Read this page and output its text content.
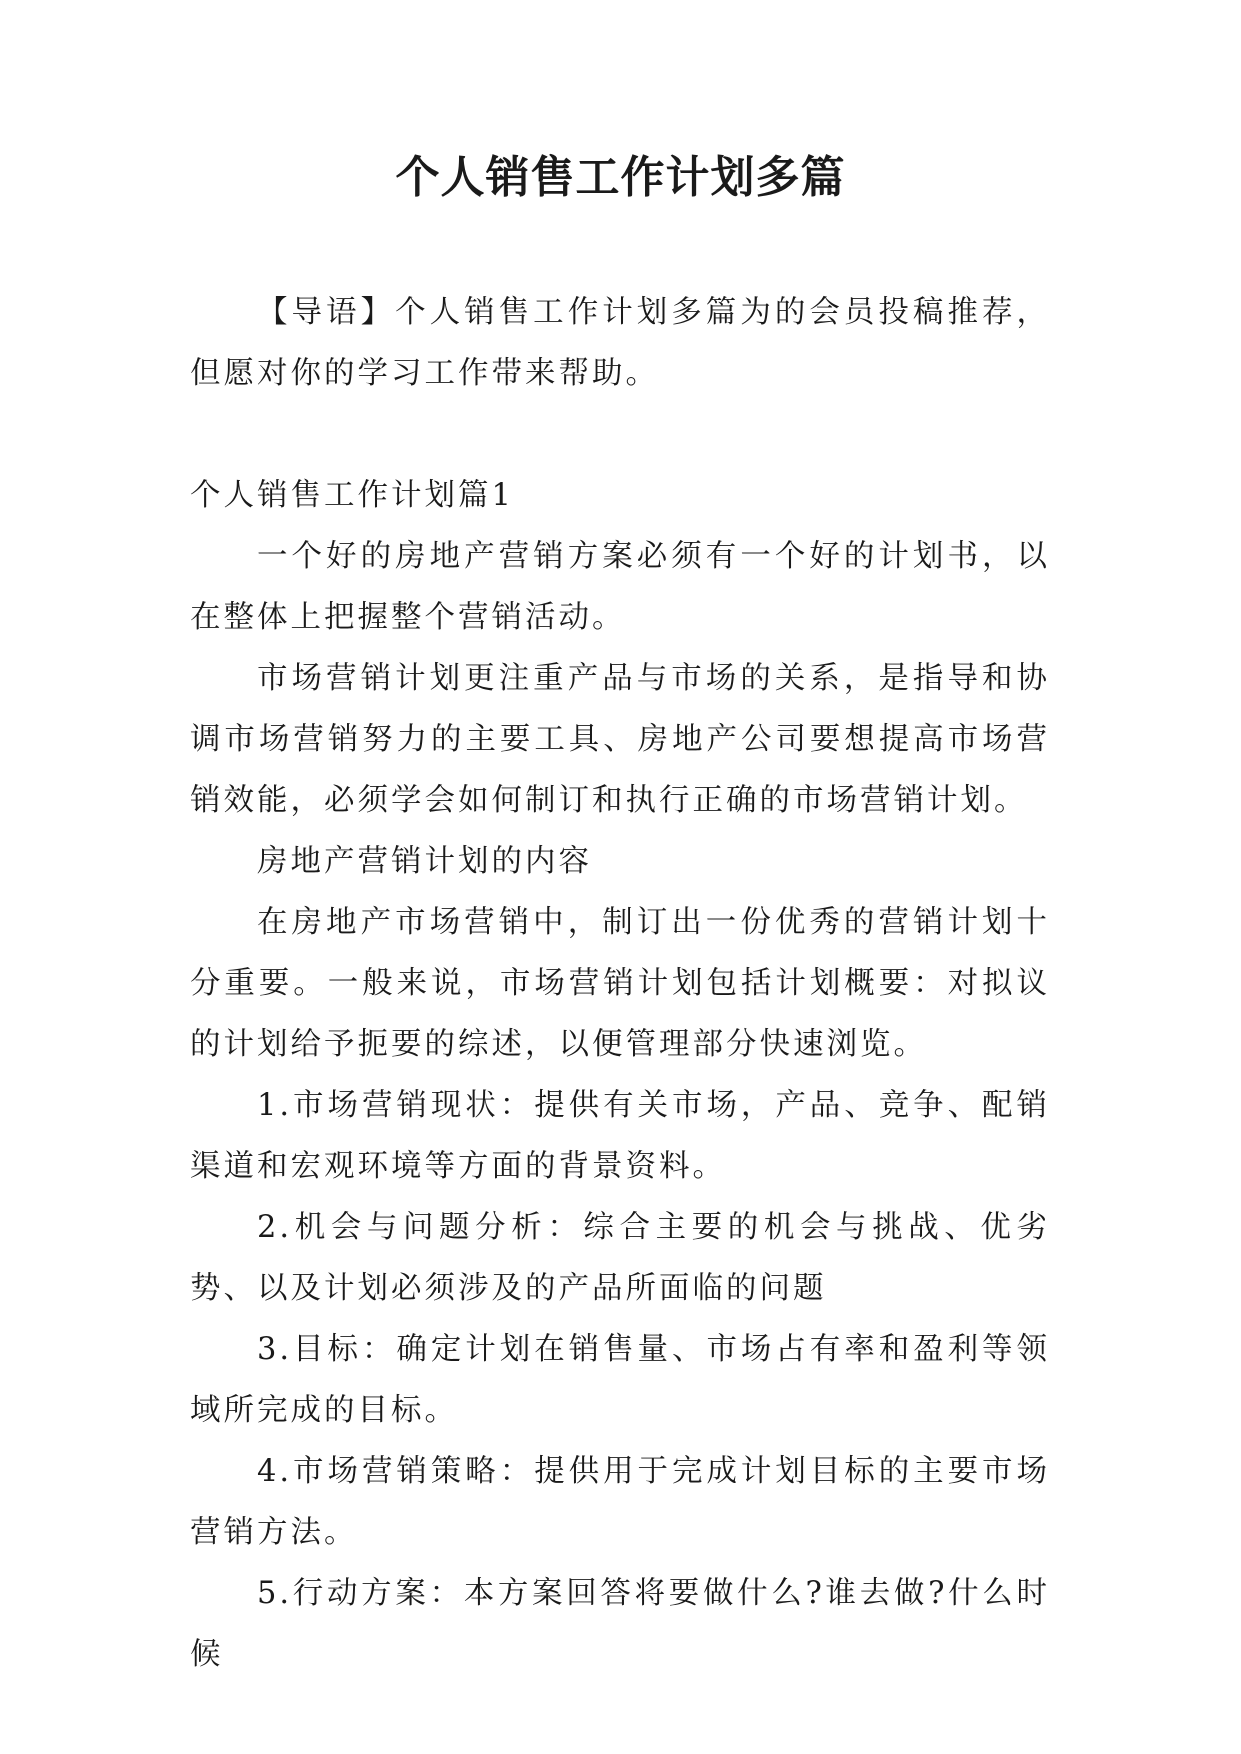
个人销售工作计划多篇

【导语】个人销售工作计划多篇为的会员投稿推荐，但愿对你的学习工作带来帮助。

个人销售工作计划篇1

一个好的房地产营销方案必须有一个好的计划书，以在整体上把握整个营销活动。

市场营销计划更注重产品与市场的关系，是指导和协调市场营销努力的主要工具、房地产公司要想提高市场营销效能，必须学会如何制订和执行正确的市场营销计划。

房地产营销计划的内容

在房地产市场营销中，制订出一份优秀的营销计划十分重要。一般来说，市场营销计划包括计划概要：对拟议的计划给予扼要的综述，以便管理部分快速浏览。

1.市场营销现状：提供有关市场，产品、竞争、配销渠道和宏观环境等方面的背景资料。

2.机会与问题分析：综合主要的机会与挑战、优劣势、以及计划必须涉及的产品所面临的问题

3.目标：确定计划在销售量、市场占有率和盈利等领域所完成的目标。

4.市场营销策略：提供用于完成计划目标的主要市场营销方法。

5.行动方案：本方案回答将要做什么?谁去做?什么时候
